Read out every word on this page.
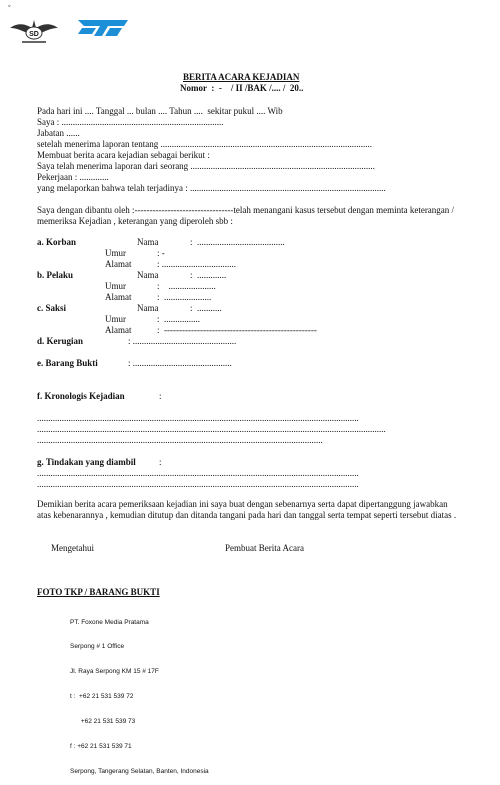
ˇ
SD
BERITA ACARA KEJADIAN
Nomor  :  -    / II /BAK /.... /  20..
Pada hari ini .... Tanggal ... bulan .... Tahun ....  sekitar pukul .... Wib
Saya : ........................................................................
Jabatan ......
setelah menerima laporan tentang ..............................................................................................
Membuat berita acara kejadian sebagai berikut :
Saya telah menerima laporan dari seorang ..................................................................................
Pekerjaan : .............
yang melaporkan bahwa telah terjadinya : .......................................................................................
Saya dengan dibantu oleh :---------------------------------telah menangani kasus tersebut dengan meminta keterangan / memeriksa Kejadian , keterangan yang diperoleh sbb :
a. Korban	Nama	:  .......................................
Umur	: -
Alamat	: .................................
b. Pelaku	Nama	:  .............
Umur	:    .....................
Alamat	:  .....................
c. Saksi	Nama	:  ...........
Umur	:  ................
Alamat	:  ---------------------------------------------------
d. Kerugian	: ..............................................
e. Barang Bukti	: ............................................
f. Kronologis Kejadian	:
...............................................................................................................................................
...........................................................................................................................................................
...............................................................................................................................
g. Tindakan yang diambil	:
...............................................................................................................................................
...............................................................................................................................................
Demikian berita acara pemeriksaan kejadian ini saya buat dengan sebenarnya serta dapat dipertanggung jawabkan atas kebenarannya , kemudian ditutup dan ditanda tangani pada hari dan tanggal serta tempat seperti tersebut diatas .
Mengetahui	Pembuat Berita Acara
FOTO TKP / BARANG BUKTI

PT. Foxone Media Pratama

Serpong # 1 Office

Jl. Raya Serpong KM 15 # 17F

t :  +62 21 531 539 72

+62 21 531 539 73

f : +62 21 531 539 71

Serpong, Tangerang Selatan, Banten, Indonesia
